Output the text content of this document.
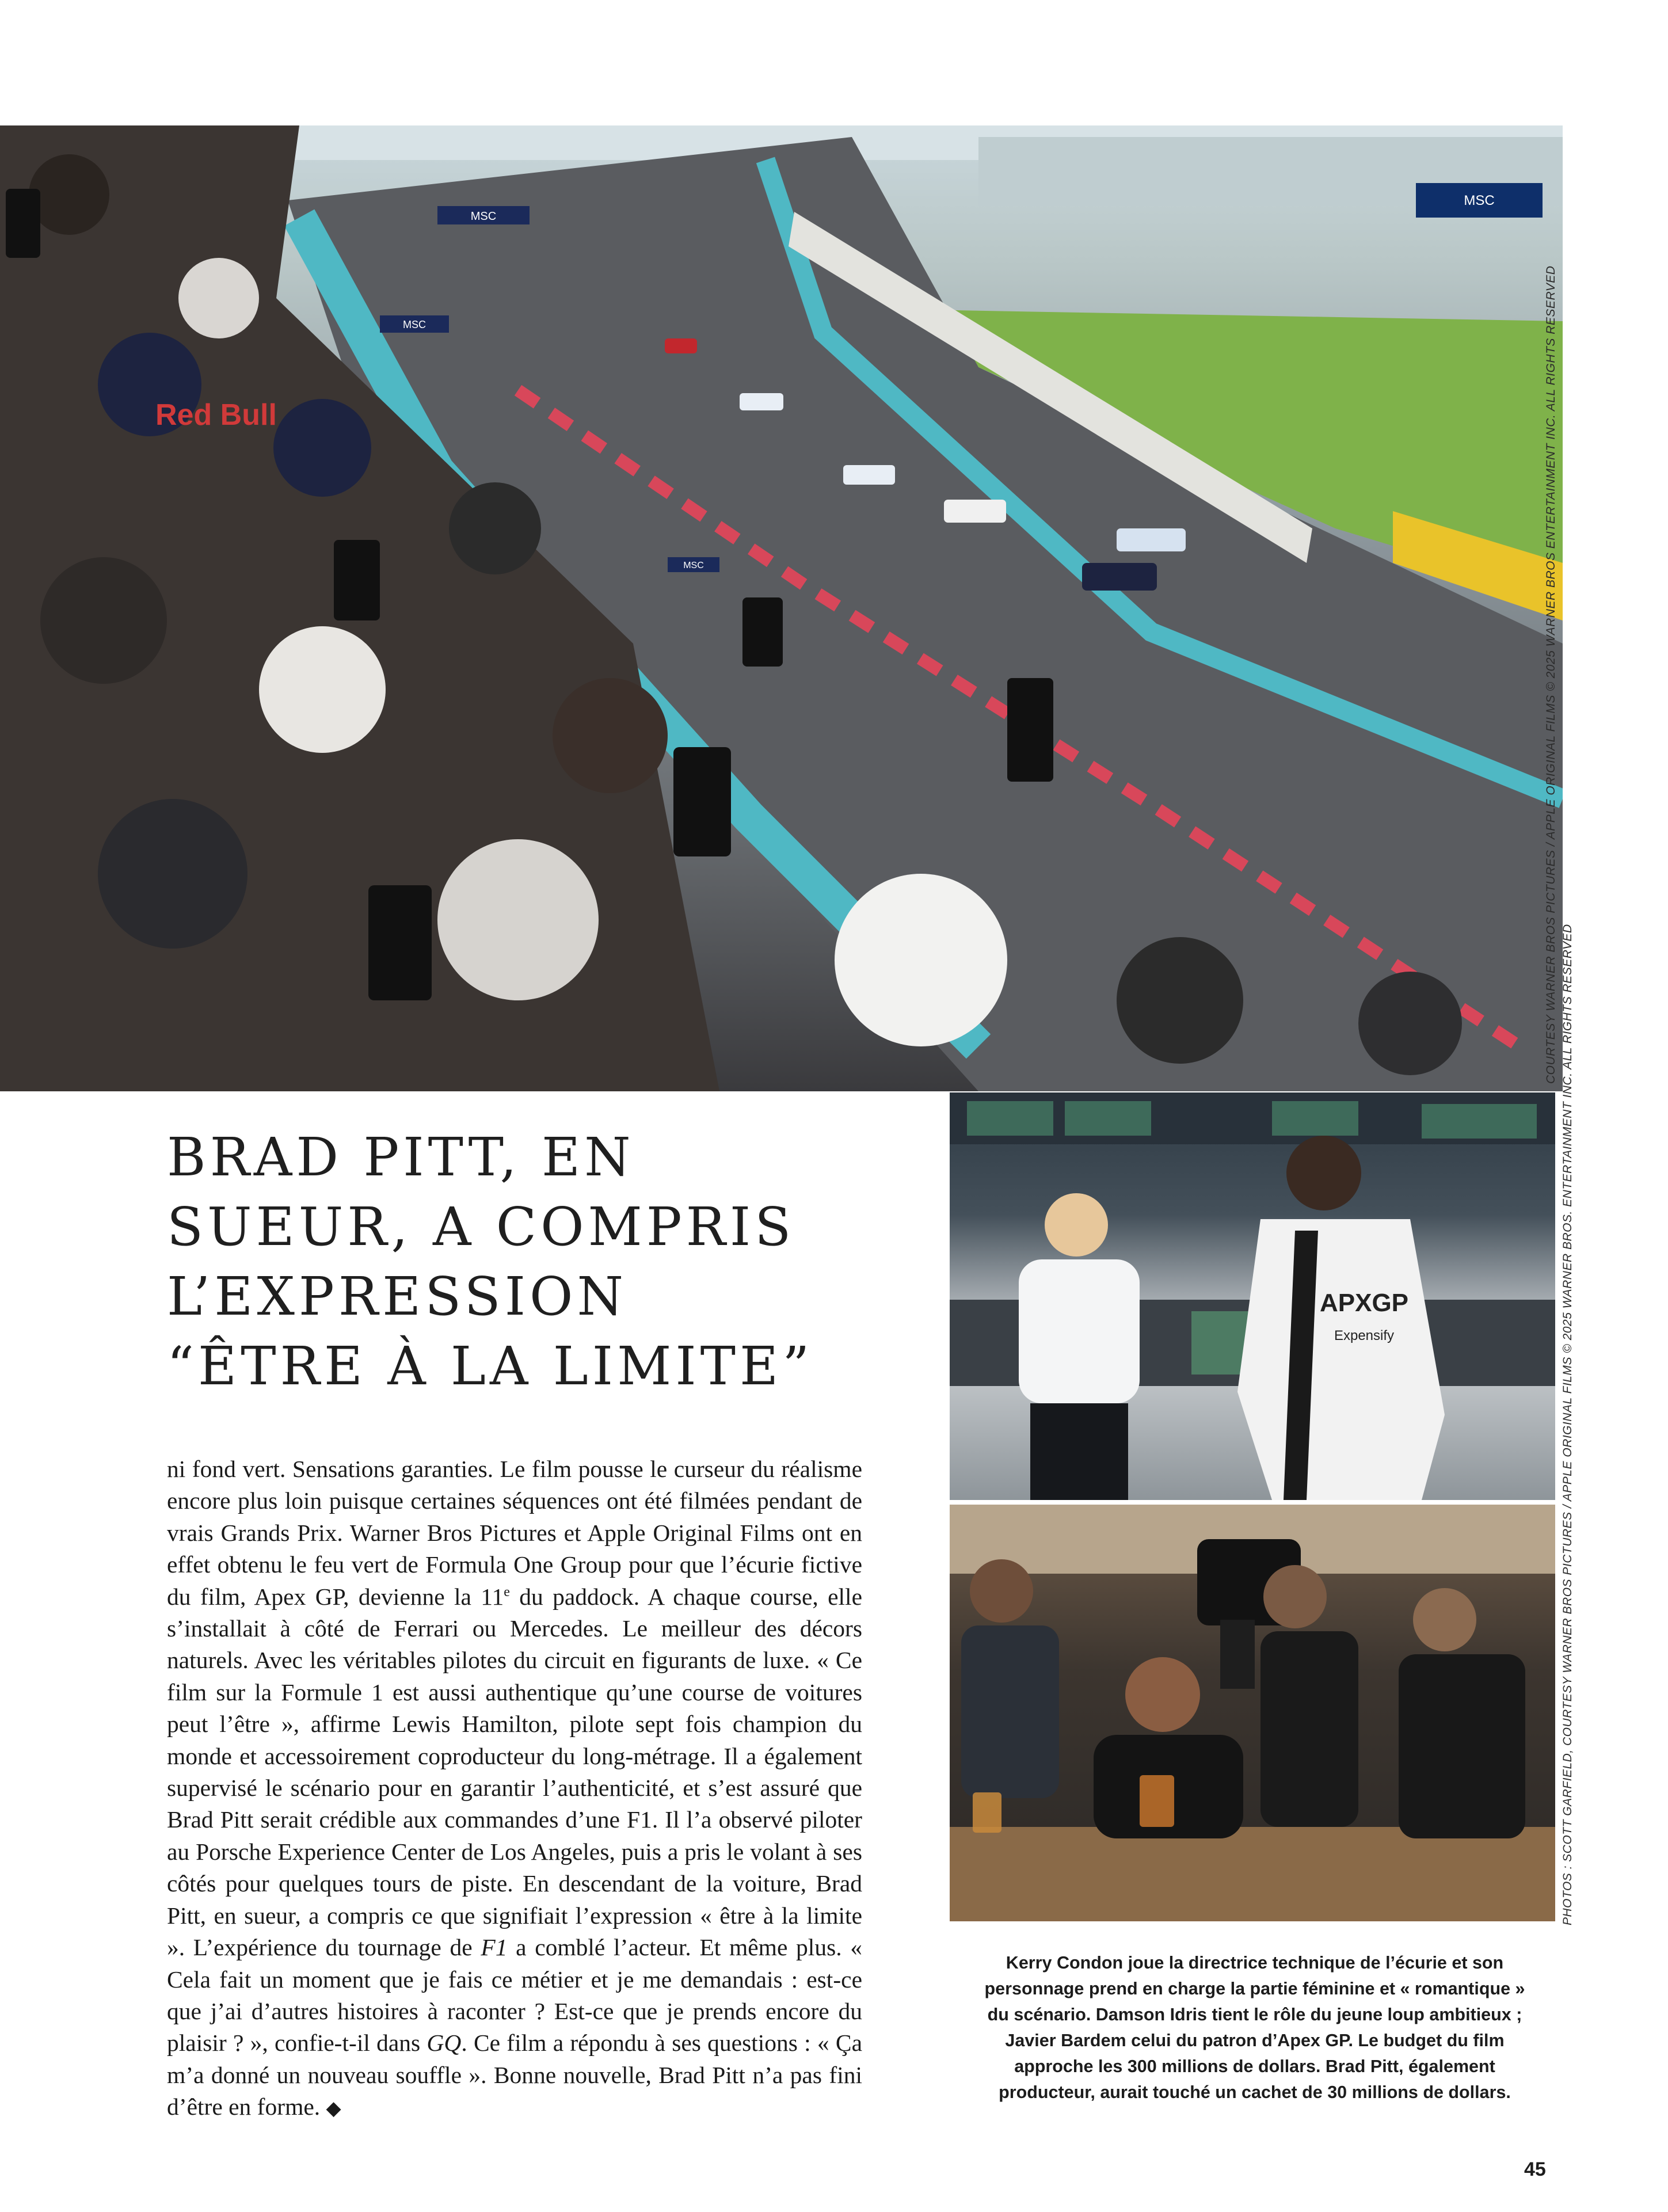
MSC
MSC
MSC
MSC
Red Bull	COURTESY WARNER BROS PICTURES / APPLE ORIGINAL FILMS © 2025 WARNER BROS ENTERTAINMENT INC. ALL RIGHTS RESERVED
BRAD PITT, EN
SUEUR, A COMPRIS
L’EXPRESSION
“ÊTRE À LA LIMITE”

ni fond vert. Sensations garanties. Le film pousse le curseur du réalisme encore plus loin puisque certaines séquences ont été filmées pendant de vrais Grands Prix. Warner Bros Pictures et Apple Original Films ont en effet obtenu le feu vert de Formula One Group pour que l’écurie fictive du film, Apex GP, devienne la 11e du paddock. A chaque course, elle s’installait à côté de Ferrari ou Mercedes. Le meilleur des décors naturels. Avec les véritables pilotes du circuit en figurants de luxe. « Ce film sur la Formule 1 est aussi authentique qu’une course de voitures peut l’être », affirme Lewis Hamilton, pilote sept fois champion du monde et accessoirement coproducteur du long-métrage. Il a également supervisé le scénario pour en garantir l’authenticité, et s’est assuré que Brad Pitt serait crédible aux commandes d’une F1. Il l’a observé piloter au Porsche Experience Center de Los Angeles, puis a pris le volant à ses côtés pour quelques tours de piste. En descendant de la voiture, Brad Pitt, en sueur, a compris ce que signifiait l’expression « être à la limite ». L’expérience du tournage de F1 a comblé l’acteur. Et même plus. « Cela fait un moment que je fais ce métier et je me demandais : est-ce que j’ai d’autres histoires à raconter ? Est-ce que je prends encore du plaisir ? », confie-t-il dans GQ. Ce film a répondu à ses questions : « Ça m’a donné un nouveau souffle ». Bonne nouvelle, Brad Pitt n’a pas fini d’être en forme. ◆

APXGP
Expensify	PHOTOS : SCOTT GARFIELD, COURTESY WARNER BROS PICTURES / APPLE ORIGINAL FILMS © 2025 WARNER BROS. ENTERTAINMENT INC. ALL RIGHTS RESERVED
Kerry Condon joue la directrice technique de l’écurie et son
personnage prend en charge la partie féminine et « romantique »
du scénario. Damson Idris tient le rôle du jeune loup ambitieux ;
Javier Bardem celui du patron d’Apex GP. Le budget du film
approche les 300 millions de dollars. Brad Pitt, également
producteur, aurait touché un cachet de 30 millions de dollars.
45
